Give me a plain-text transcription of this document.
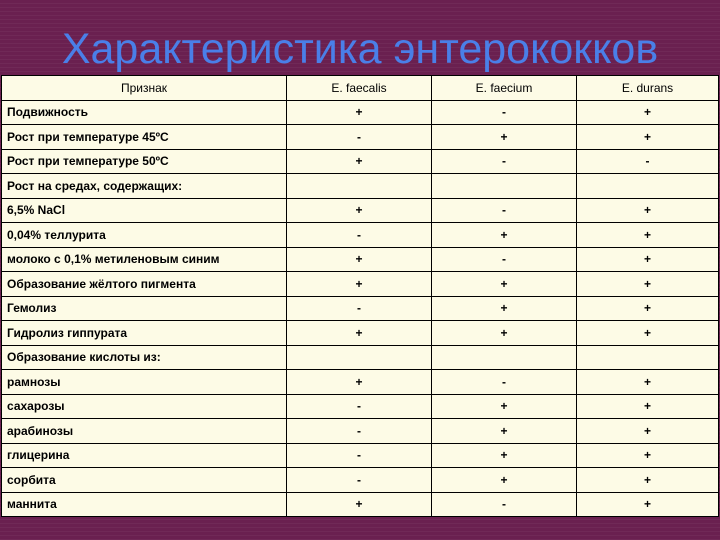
Характеристика энтерококков
Признак	E. faecalis	E. faecium	E. durans
Подвижность	+	-	+
Рост при температуре 45ºС	-	+	+
Рост при температуре 50ºС	+	-	-
Рост на средах, содержащих:			
6,5% NaCl	+	-	+
0,04% теллурита	-	+	+
молоко с 0,1% метиленовым синим	+	-	+
Образование жёлтого пигмента	+	+	+
Гемолиз	-	+	+
Гидролиз гиппурата	+	+	+
Образование кислоты из:			
рамнозы	+	-	+
сахарозы	-	+	+
арабинозы	-	+	+
глицерина	-	+	+
сорбита	-	+	+
маннита	+	-	+
